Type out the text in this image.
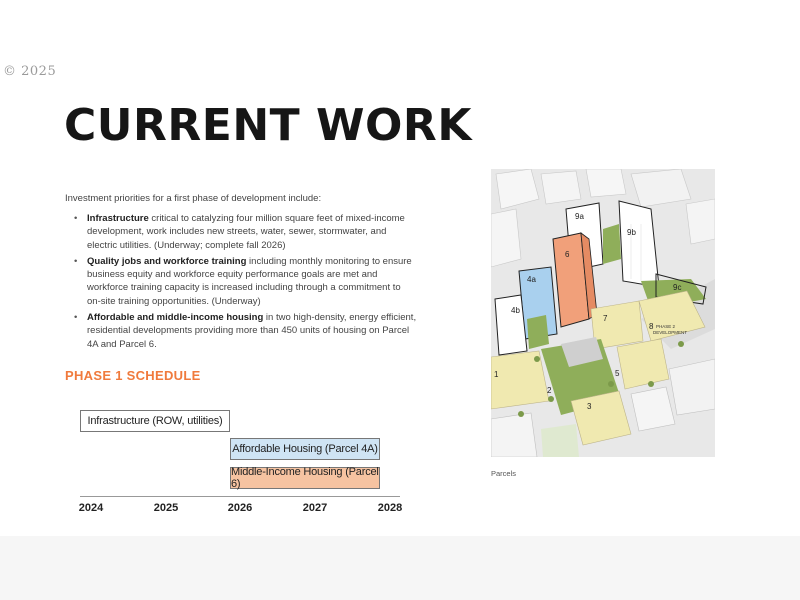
© 2025
CURRENT WORK
Investment priorities for a first phase of development include:
• Infrastructure critical to catalyzing four million square feet of mixed-income development, work includes new streets, water, sewer, stormwater, and electric utilities. (Underway; complete fall 2026)
• Quality jobs and workforce training including monthly monitoring to ensure business equity and workforce equity performance goals are met and workforce training capacity is increased including through a commitment to on-site training opportunities. (Underway)
• Affordable and middle-income housing in two high-density, energy efficient, residential developments providing more than 450 units of housing on Parcel 4A and Parcel 6.
PHASE 1 SCHEDULE
Infrastructure (ROW, utilities)
Affordable Housing (Parcel 4A)
Middle-Income Housing (Parcel 6)
2024	2025	2026	2027	2028
9a
9b
6
4a
4b
9c
7
8 PHASE 2
DEVELOPMENT
1
2
3
5
Parcels
